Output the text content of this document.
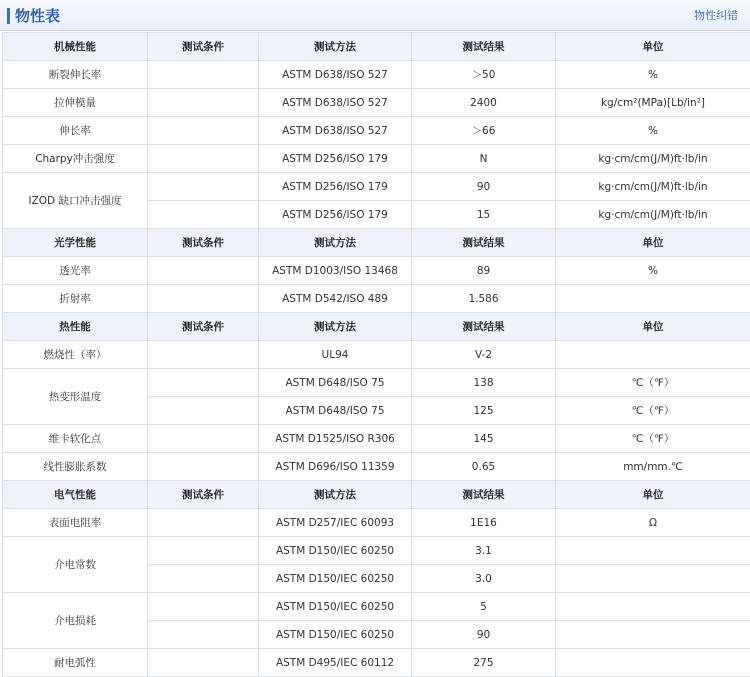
物性表	物性纠错
机械性能	测试条件	测试方法	测试结果	单位
断裂伸长率		ASTM D638/ISO 527	＞50	%
拉伸模量		ASTM D638/ISO 527	2400	kg/cm²(MPa)[Lb/in²]
伸长率		ASTM D638/ISO 527	＞66	%
Charpy冲击强度		ASTM D256/ISO 179	N	kg·cm/cm(J/M)ft·lb/in
IZOD 缺口冲击强度		ASTM D256/ISO 179	90	kg·cm/cm(J/M)ft·lb/in
		ASTM D256/ISO 179	15	kg·cm/cm(J/M)ft·lb/in
光学性能	测试条件	测试方法	测试结果	单位
透光率		ASTM D1003/ISO 13468	89	%
折射率		ASTM D542/ISO 489	1.586	
热性能	测试条件	测试方法	测试结果	单位
燃烧性（率）		UL94	V-2	
热变形温度		ASTM D648/ISO 75	138	℃（℉）
		ASTM D648/ISO 75	125	℃（℉）
维卡软化点		ASTM D1525/ISO R306	145	℃（℉）
线性膨胀系数		ASTM D696/ISO 11359	0.65	mm/mm.℃
电气性能	测试条件	测试方法	测试结果	单位
表面电阻率		ASTM D257/IEC 60093	1E16	Ω
介电常数		ASTM D150/IEC 60250	3.1	
		ASTM D150/IEC 60250	3.0	
介电损耗		ASTM D150/IEC 60250	5	
		ASTM D150/IEC 60250	90	
耐电弧性		ASTM D495/IEC 60112	275	
